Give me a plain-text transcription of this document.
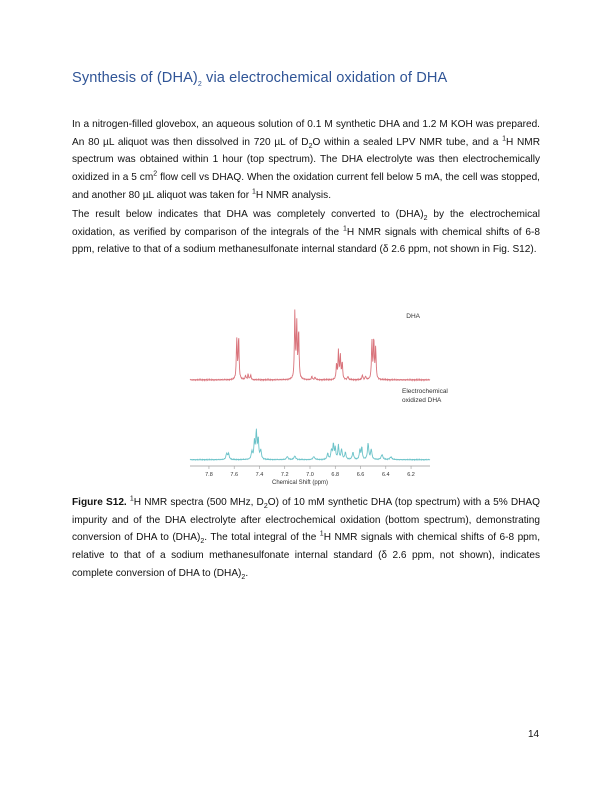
Synthesis of $(DHA)_2$ via electrochemical oxidation of DHA
In a nitrogen-filled glovebox, an aqueous solution of 0.1 M synthetic DHA and 1.2 M KOH was prepared. An 80 µL aliquot was then dissolved in 720 µL of $D_2O$ within a sealed LPV NMR tube, and a $^1$H NMR spectrum was obtained within 1 hour (top spectrum). The DHA electrolyte was then electrochemically oxidized in a 5 $cm^2$ flow cell vs DHAQ. When the oxidation current fell below 5 mA, the cell was stopped, and another 80 µL aliquot was taken for $^1$H NMR analysis.
The result below indicates that DHA was completely converted to $(DHA)_2$ by the electrochemical oxidation, as verified by comparison of the integrals of the $^1$H NMR signals with chemical shifts of 6-8 ppm, relative to that of a sodium methanesulfonate internal standard (δ 2.6 ppm, not shown in Fig. S12).
DHA
Electrochemically
oxidized DHA
7.8	7.6	7.4	7.2	7.0	6.8	6.6	6.4	6.2
Chemical Shift (ppm)
Figure S12. $^1$H NMR spectra (500 MHz, $D_2O$) of 10 mM synthetic DHA (top spectrum) with a 5% DHAQ impurity and of the DHA electrolyte after electrochemical oxidation (bottom spectrum), demonstrating conversion of DHA to $(DHA)_2$. The total integral of the $^1$H NMR signals with chemical shifts of 6-8 ppm, relative to that of a sodium methanesulfonate internal standard (δ 2.6 ppm, not shown), indicates complete conversion of DHA to $(DHA)_2$.
14
